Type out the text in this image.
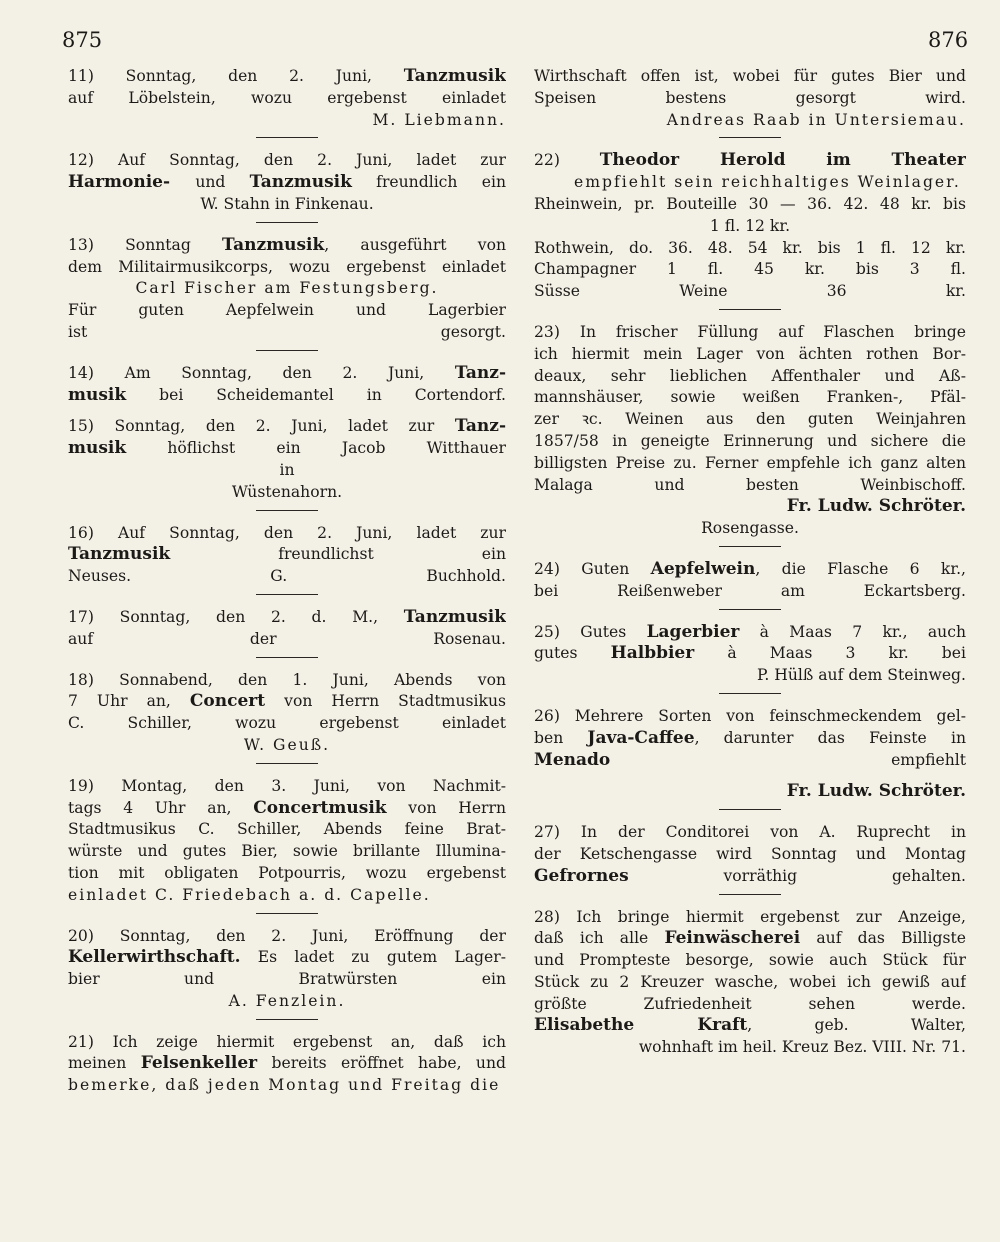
875	876
11) Sonntag, den 2. Juni, Tanzmusik
auf Löbelstein, wozu ergebenst einladet
M. Liebmann.
12) Auf Sonntag, den 2. Juni, ladet zur
Harmonie- und Tanzmusik freundlich ein
W. Stahn in Finkenau.
13) Sonntag Tanzmusik, ausgeführt von
dem Militairmusikcorps, wozu ergebenst einladet
Carl Fischer am Festungsberg.
Für guten Aepfelwein und Lagerbier
ist gesorgt.
14) Am Sonntag, den 2. Juni, Tanz-
musik bei Scheidemantel in Cortendorf.
15) Sonntag, den 2. Juni, ladet zur Tanz-
musik höflichst ein Jacob Witthauer
in
Wüstenahorn.
16) Auf Sonntag, den 2. Juni, ladet zur
Tanzmusik freundlichst ein
Neuses. G. Buchhold.
17) Sonntag, den 2. d. M., Tanzmusik
auf der Rosenau.
18) Sonnabend, den 1. Juni, Abends von
7 Uhr an, Concert von Herrn Stadtmusikus
C. Schiller, wozu ergebenst einladet
W. Geuß.
19) Montag, den 3. Juni, von Nachmit-
tags 4 Uhr an, Concertmusik von Herrn
Stadtmusikus C. Schiller, Abends feine Brat-
würste und gutes Bier, sowie brillante Illumina-
tion mit obligaten Potpourris, wozu ergebenst
einladet C. Friedebach a. d. Capelle.
20) Sonntag, den 2. Juni, Eröffnung der
Kellerwirthschaft. Es ladet zu gutem Lager-
bier und Bratwürsten ein
A. Fenzlein.
21) Ich zeige hiermit ergebenst an, daß ich
meinen Felsenkeller bereits eröffnet habe, und
bemerke, daß jeden Montag und Freitag die
Wirthschaft offen ist, wobei für gutes Bier und
Speisen bestens gesorgt wird.
Andreas Raab in Untersiemau.
22) Theodor Herold im Theater
empfiehlt sein reichhaltiges Weinlager.
Rheinwein, pr. Bouteille 30 — 36. 42. 48 kr. bis
1 fl. 12 kr.
Rothwein, do. 36. 48. 54 kr. bis 1 fl. 12 kr.
Champagner 1 fl. 45 kr. bis 3 fl.
Süsse Weine 36 kr.
23) In frischer Füllung auf Flaschen bringe
ich hiermit mein Lager von ächten rothen Bor-
deaux, sehr lieblichen Affenthaler und Aß-
mannshäuser, sowie weißen Franken-, Pfäl-
zer ꝛc. Weinen aus den guten Weinjahren
1857/58 in geneigte Erinnerung und sichere die
billigsten Preise zu. Ferner empfehle ich ganz alten
Malaga und besten Weinbischoff.
Fr. Ludw. Schröter.
Rosengasse.
24) Guten Aepfelwein, die Flasche 6 kr.,
bei Reißenweber am Eckartsberg.
25) Gutes Lagerbier à Maas 7 kr., auch
gutes Halbbier à Maas 3 kr. bei
P. Hülß auf dem Steinweg.
26) Mehrere Sorten von feinschmeckendem gel-
ben Java-Caffee, darunter das Feinste in
Menado empfiehlt
Fr. Ludw. Schröter.
27) In der Conditorei von A. Ruprecht in
der Ketschengasse wird Sonntag und Montag
Gefrornes vorräthig gehalten.
28) Ich bringe hiermit ergebenst zur Anzeige,
daß ich alle Feinwäscherei auf das Billigste
und Prompteste besorge, sowie auch Stück für
Stück zu 2 Kreuzer wasche, wobei ich gewiß auf
größte Zufriedenheit sehen werde.
Elisabethe Kraft, geb. Walter,
wohnhaft im heil. Kreuz Bez. VIII. Nr. 71.
